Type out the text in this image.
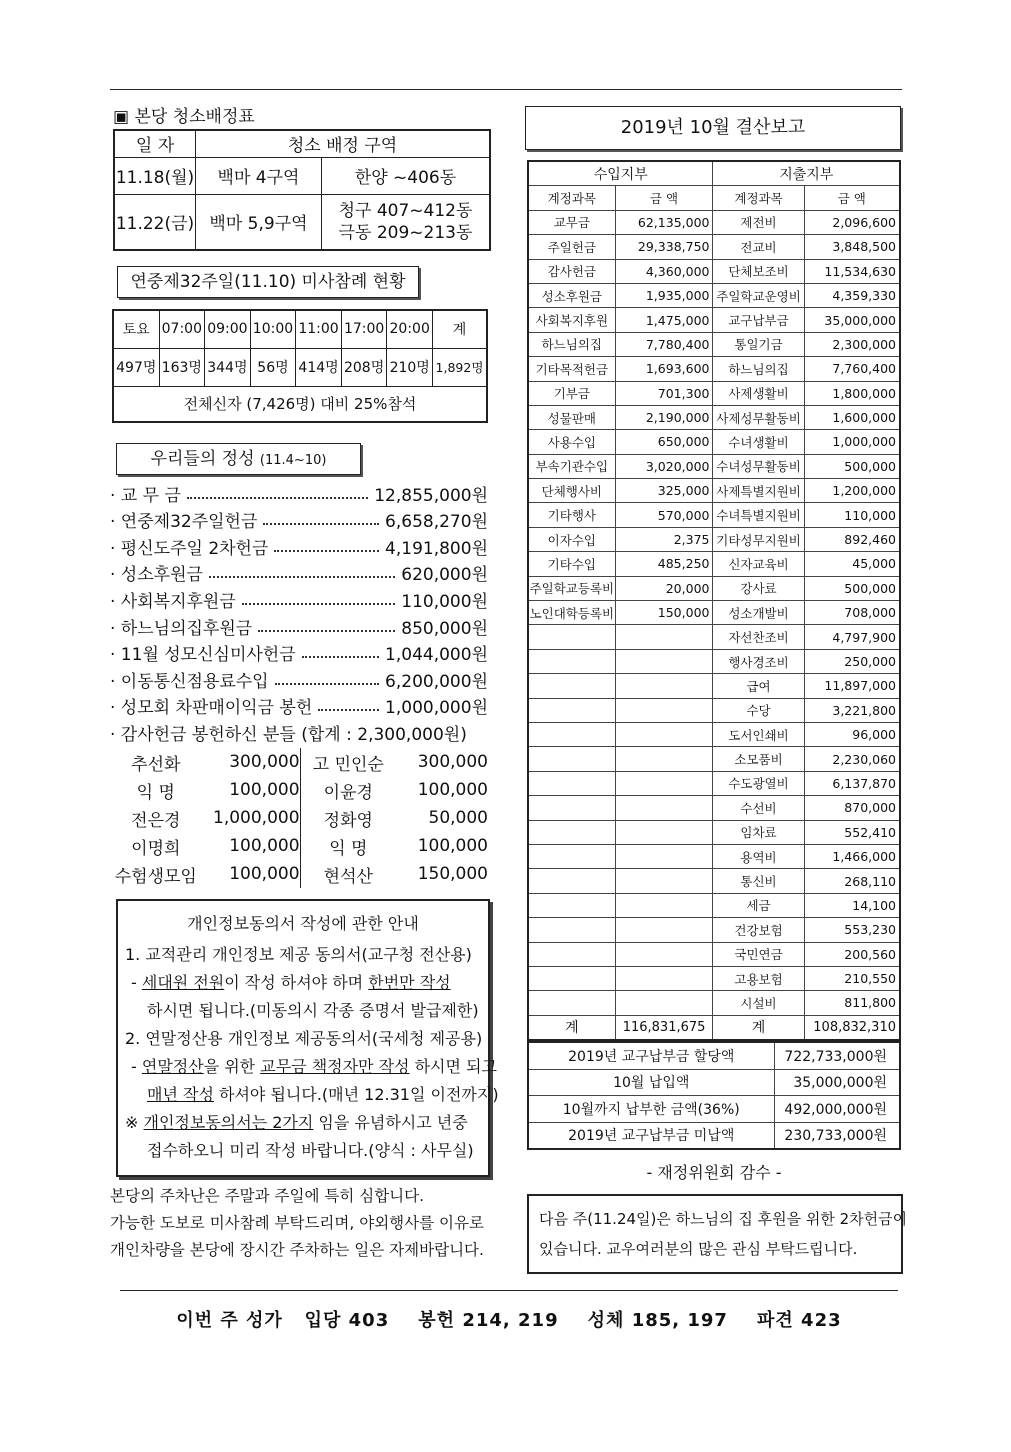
▣ 본당 청소배정표
일 자	청소 배정 구역	
11.18(월)	백마 4구역	한양 ~406동
11.22(금)	백마 5,9구역	청구 407~412동
극동 209~213동
연중제32주일(11.10) 미사참례 현황
토요	07:00	09:00	10:00	11:00	17:00	20:00	계
497명	163명	344명	56명	414명	208명	210명	1,892명
전체신자 (7,426명) 대비 25%참석							
우리들의 정성 (11.4~10)
· 교 무 금	12,855,000원
· 연중제32주일헌금	6,658,270원
· 평신도주일 2차헌금	4,191,800원
· 성소후원금	620,000원
· 사회복지후원금	110,000원
· 하느님의집후원금	850,000원
· 11월 성모신심미사헌금	1,044,000원
· 이동통신점용료수입	6,200,000원
· 성모회 차판매이익금 봉헌	1,000,000원
· 감사헌금 봉헌하신 분들 (합계 : 2,300,000원)
추선화	300,000	고 민인순	300,000
익 명	100,000	이윤경	100,000
전은경	1,000,000	정화영	50,000
이명희	100,000	익 명	100,000
수험생모임	100,000	현석산	150,000
개인정보동의서 작성에 관한 안내

1. 교적관리 개인정보 제공 동의서(교구청 전산용)

- 세대원 전원이 작성 하셔야 하며 한번만 작성

하시면 됩니다.(미동의시 각종 증명서 발급제한)

2. 연말정산용 개인정보 제공동의서(국세청 제공용)

- 연말정산을 위한 교무금 책정자만 작성 하시면 되고

매년 작성 하셔야 됩니다.(매년 12.31일 이전까지)

※ 개인정보동의서는 2가지 임을 유념하시고 년중

접수하오니 미리 작성 바랍니다.(양식 : 사무실)

본당의 주차난은 주말과 주일에 특히 심합니다.
가능한 도보로 미사참례 부탁드리며, 야외행사를 이유로
개인차량을 본당에 장시간 주차하는 일은 자제바랍니다.
2019년 10월 결산보고
수입지부		지출지부	
계정과목	금 액	계정과목	금 액
교무금	62,135,000	제전비	2,096,600
주일헌금	29,338,750	전교비	3,848,500
감사헌금	4,360,000	단체보조비	11,534,630
성소후원금	1,935,000	주일학교운영비	4,359,330
사회복지후원	1,475,000	교구납부금	35,000,000
하느님의집	7,780,400	통일기금	2,300,000
기타목적헌금	1,693,600	하느님의집	7,760,400
기부금	701,300	사제생활비	1,800,000
성물판매	2,190,000	사제성무활동비	1,600,000
사용수입	650,000	수녀생활비	1,000,000
부속기관수입	3,020,000	수녀성무활동비	500,000
단체행사비	325,000	사제특별지원비	1,200,000
기타행사	570,000	수녀특별지원비	110,000
이자수입	2,375	기타성무지원비	892,460
기타수입	485,250	신자교육비	45,000
주일학교등록비	20,000	강사료	500,000
노인대학등록비	150,000	성소개발비	708,000
		자선찬조비	4,797,900
		행사경조비	250,000
		급여	11,897,000
		수당	3,221,800
		도서인쇄비	96,000
		소모품비	2,230,060
		수도광열비	6,137,870
		수선비	870,000
		임차료	552,410
		용역비	1,466,000
		통신비	268,110
		세금	14,100
		건강보험	553,230
		국민연금	200,560
		고용보험	210,550
		시설비	811,800
계	116,831,675	계	108,832,310
2019년 교구납부금 할당액	722,733,000원
10월 납입액	35,000,000원
10월까지 납부한 금액(36%)	492,000,000원
2019년 교구납부금 미납액	230,733,000원
- 재정위원회 감수 -
다음 주(11.24일)은 하느님의 집 후원을 위한 2차헌금이
있습니다. 교우여러분의 많은 관심 부탁드립니다.
이번 주 성가   입당 403    봉헌 214, 219    성체 185, 197    파견 423
